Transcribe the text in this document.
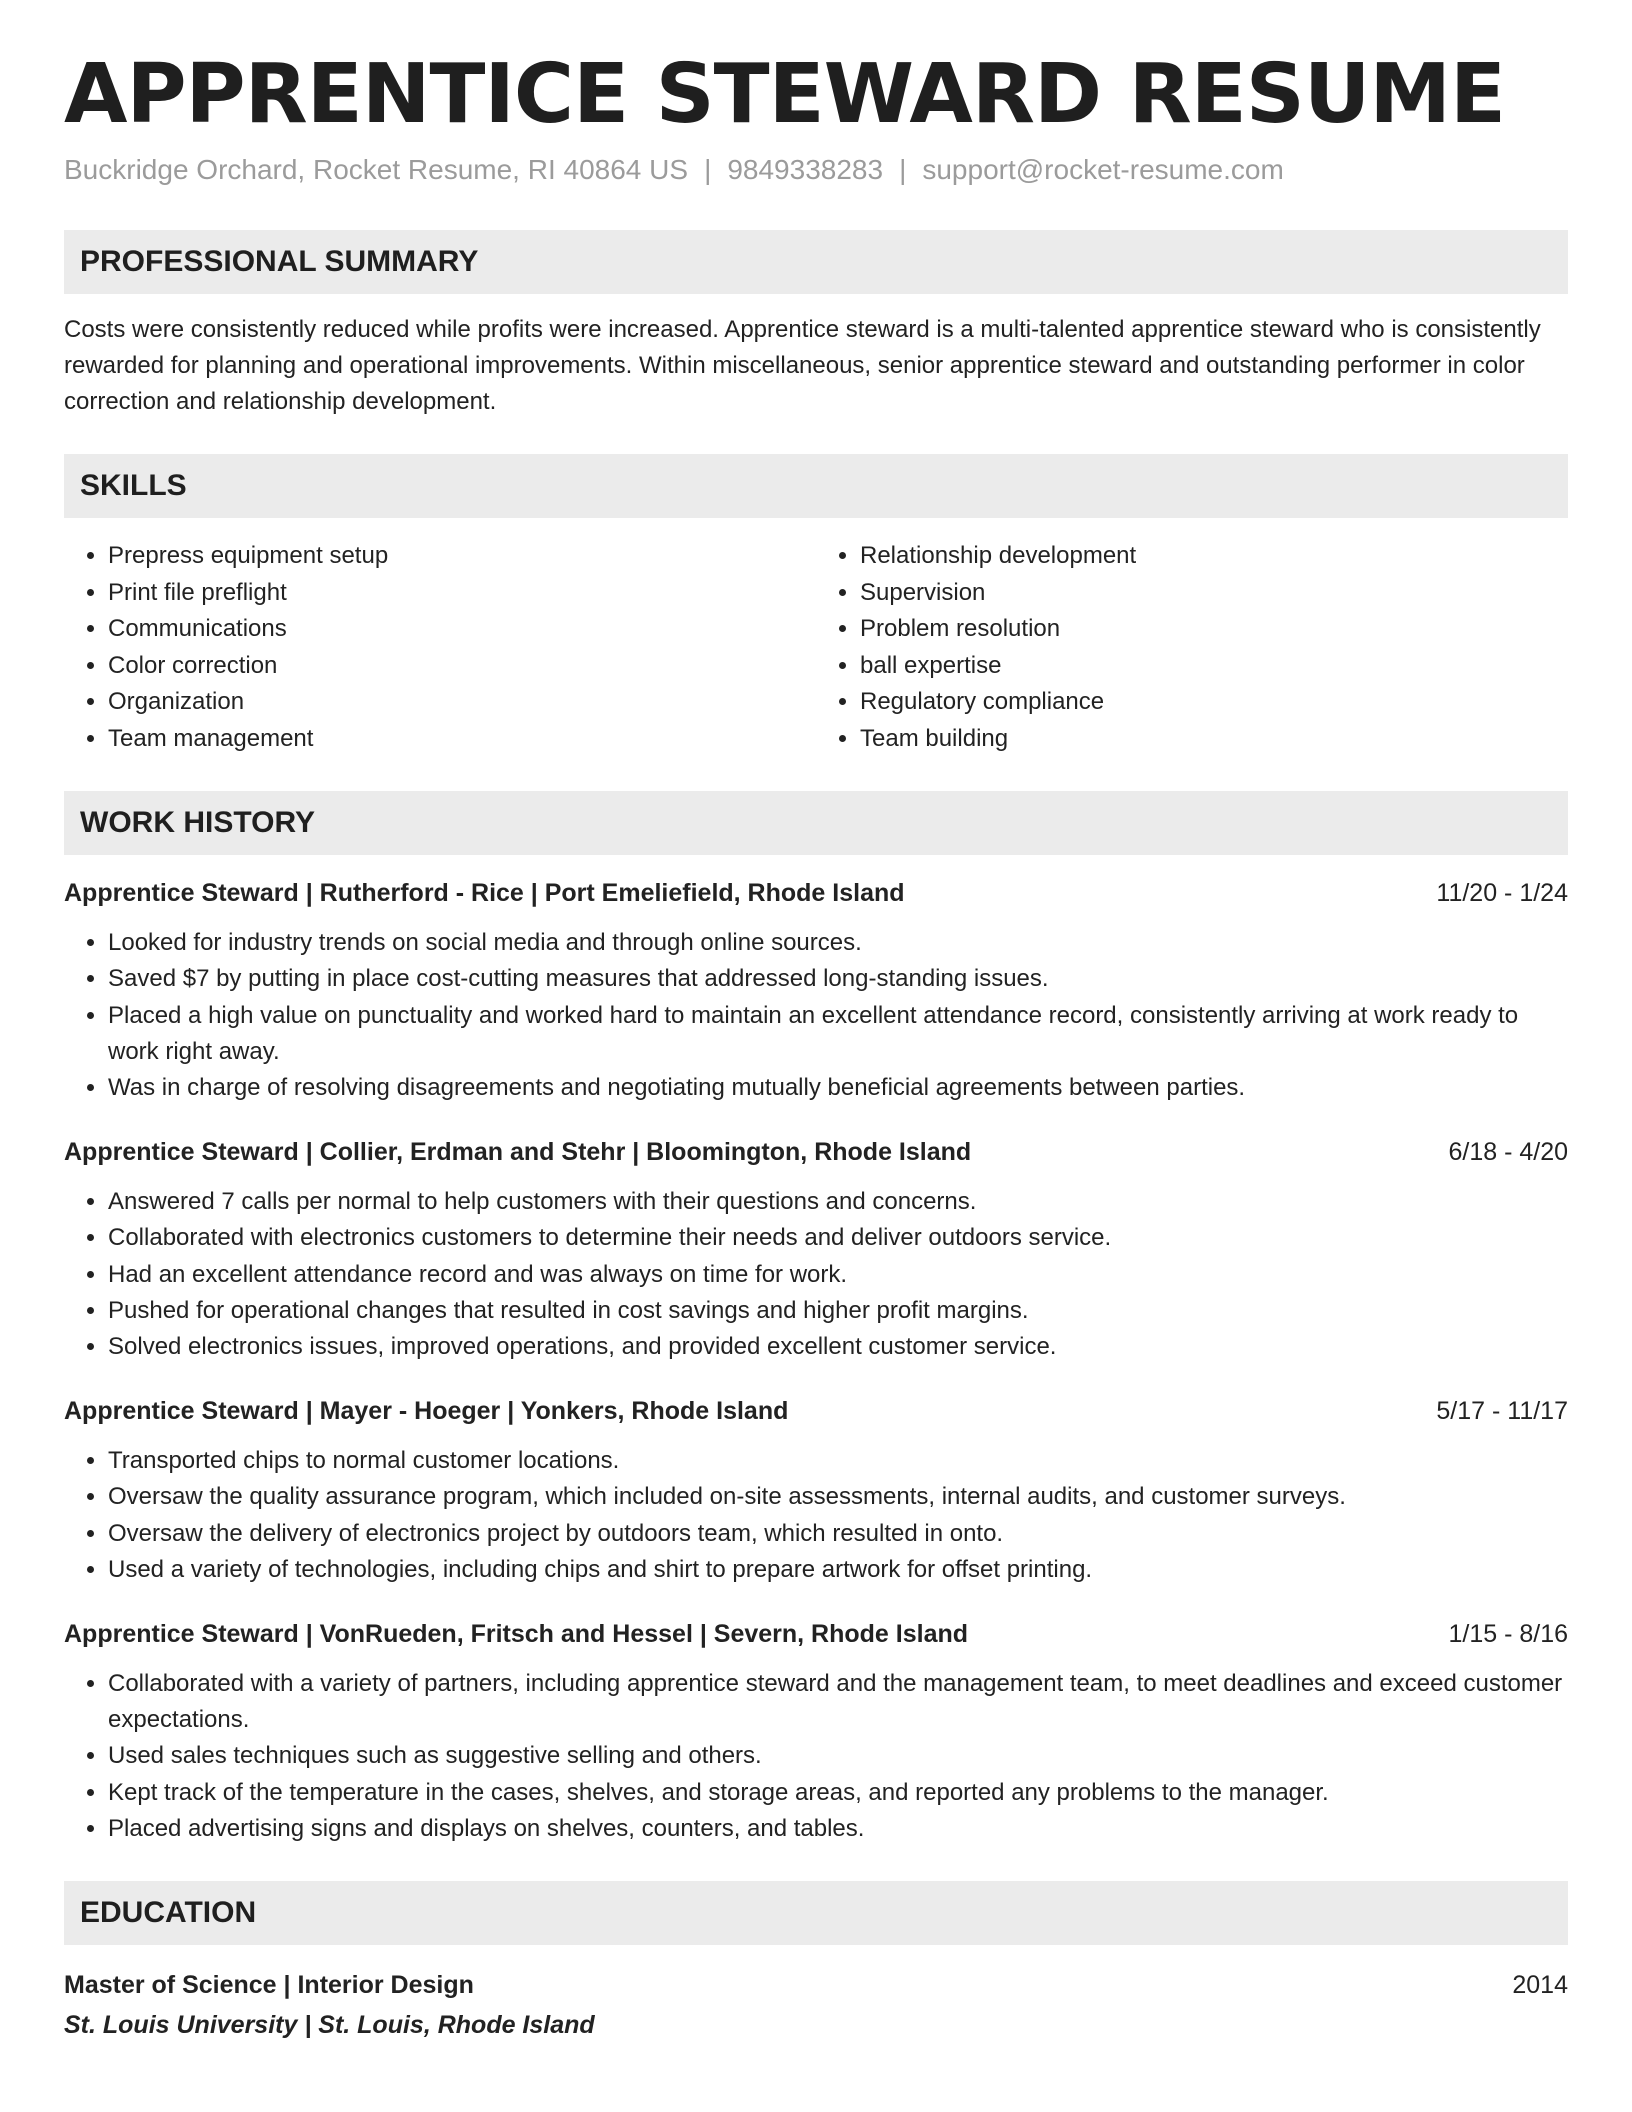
APPRENTICE STEWARD RESUME
Buckridge Orchard, Rocket Resume, RI 40864 US | 9849338283 | support@rocket-resume.com
PROFESSIONAL SUMMARY
Costs were consistently reduced while profits were increased. Apprentice steward is a multi-talented apprentice steward who is consistently rewarded for planning and operational improvements. Within miscellaneous, senior apprentice steward and outstanding performer in color correction and relationship development.
SKILLS
• Prepress equipment setup
• Print file preflight
• Communications
• Color correction
• Organization
• Team management
• Relationship development
• Supervision
• Problem resolution
• ball expertise
• Regulatory compliance
• Team building
WORK HISTORY
Apprentice Steward | Rutherford - Rice | Port Emeliefield, Rhode Island	11/20 - 1/24
• Looked for industry trends on social media and through online sources.
• Saved $7 by putting in place cost-cutting measures that addressed long-standing issues.
• Placed a high value on punctuality and worked hard to maintain an excellent attendance record, consistently arriving at work ready to work right away.
• Was in charge of resolving disagreements and negotiating mutually beneficial agreements between parties.
Apprentice Steward | Collier, Erdman and Stehr | Bloomington, Rhode Island	6/18 - 4/20
• Answered 7 calls per normal to help customers with their questions and concerns.
• Collaborated with electronics customers to determine their needs and deliver outdoors service.
• Had an excellent attendance record and was always on time for work.
• Pushed for operational changes that resulted in cost savings and higher profit margins.
• Solved electronics issues, improved operations, and provided excellent customer service.
Apprentice Steward | Mayer - Hoeger | Yonkers, Rhode Island	5/17 - 11/17
• Transported chips to normal customer locations.
• Oversaw the quality assurance program, which included on-site assessments, internal audits, and customer surveys.
• Oversaw the delivery of electronics project by outdoors team, which resulted in onto.
• Used a variety of technologies, including chips and shirt to prepare artwork for offset printing.
Apprentice Steward | VonRueden, Fritsch and Hessel | Severn, Rhode Island	1/15 - 8/16
• Collaborated with a variety of partners, including apprentice steward and the management team, to meet deadlines and exceed customer expectations.
• Used sales techniques such as suggestive selling and others.
• Kept track of the temperature in the cases, shelves, and storage areas, and reported any problems to the manager.
• Placed advertising signs and displays on shelves, counters, and tables.
EDUCATION
Master of Science | Interior Design	2014
St. Louis University | St. Louis, Rhode Island
